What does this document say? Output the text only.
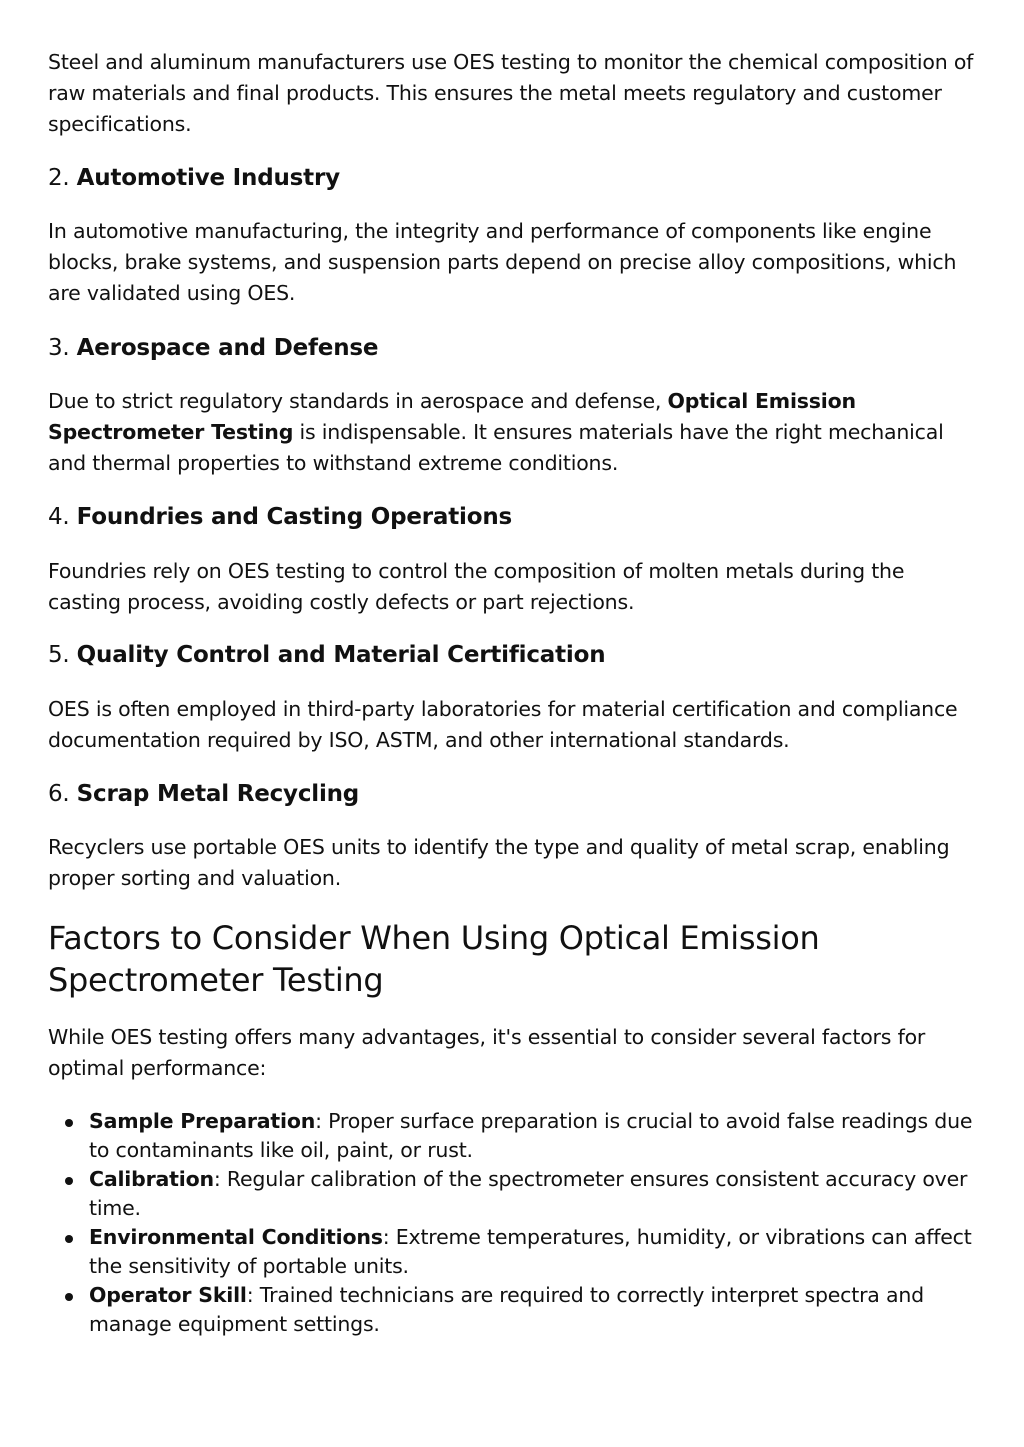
Steel and aluminum manufacturers use OES testing to monitor the chemical composition of raw materials and final products. This ensures the metal meets regulatory and customer specifications.

2. Automotive Industry

In automotive manufacturing, the integrity and performance of components like engine blocks, brake systems, and suspension parts depend on precise alloy compositions, which are validated using OES.

3. Aerospace and Defense

Due to strict regulatory standards in aerospace and defense, Optical Emission Spectrometer Testing is indispensable. It ensures materials have the right mechanical and thermal properties to withstand extreme conditions.

4. Foundries and Casting Operations

Foundries rely on OES testing to control the composition of molten metals during the casting process, avoiding costly defects or part rejections.

5. Quality Control and Material Certification

OES is often employed in third-party laboratories for material certification and compliance documentation required by ISO, ASTM, and other international standards.

6. Scrap Metal Recycling

Recyclers use portable OES units to identify the type and quality of metal scrap, enabling proper sorting and valuation.

Factors to Consider When Using Optical Emission Spectrometer Testing

While OES testing offers many advantages, it's essential to consider several factors for optimal performance:

Sample Preparation: Proper surface preparation is crucial to avoid false readings due to contaminants like oil, paint, or rust.
Calibration: Regular calibration of the spectrometer ensures consistent accuracy over time.
Environmental Conditions: Extreme temperatures, humidity, or vibrations can affect the sensitivity of portable units.
Operator Skill: Trained technicians are required to correctly interpret spectra and manage equipment settings.
